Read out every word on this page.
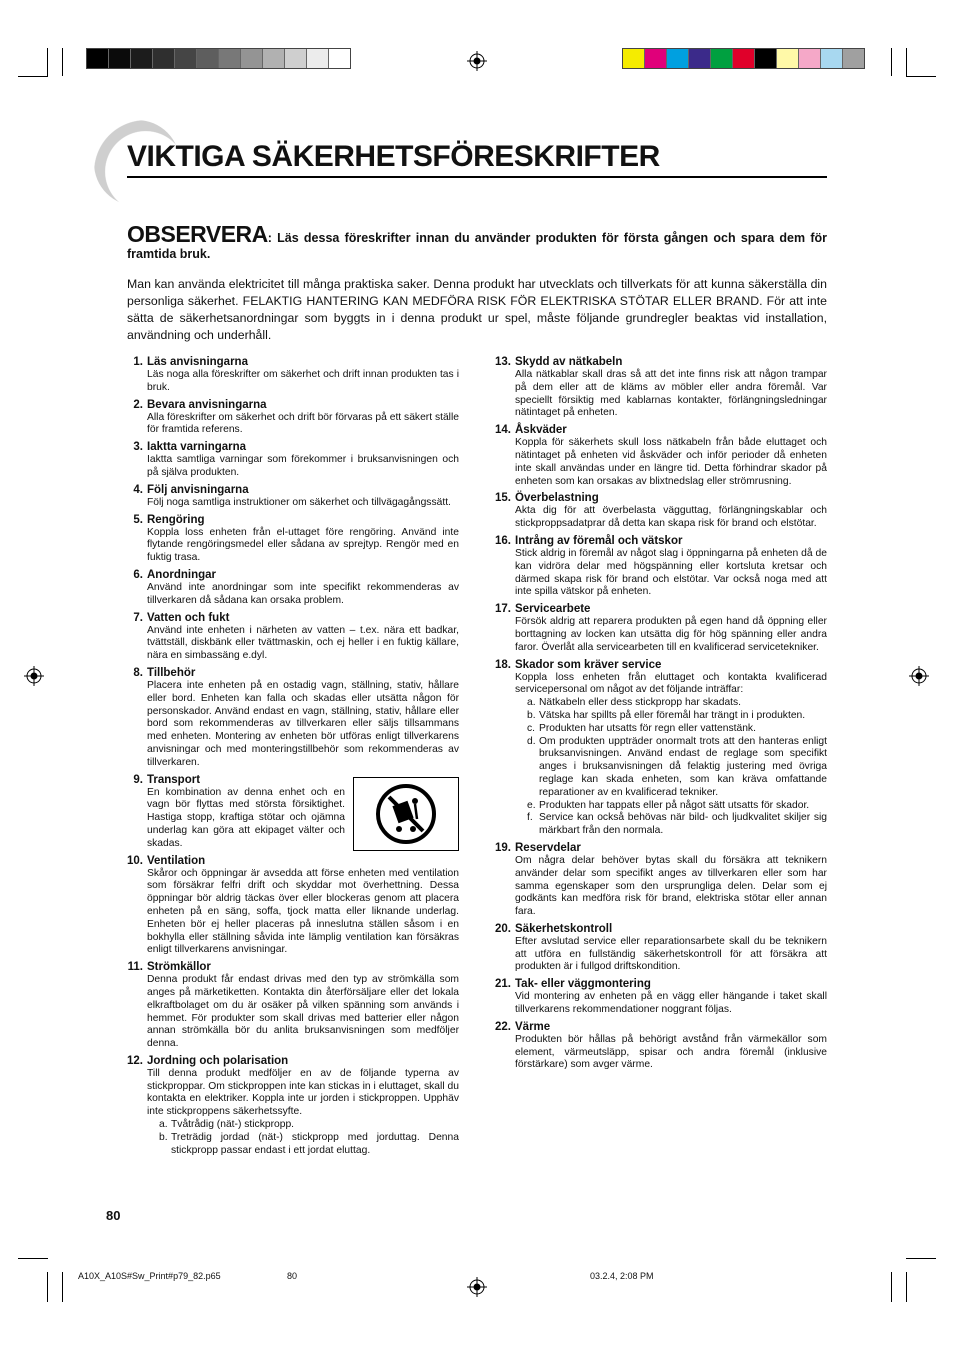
VIKTIGA SÄKERHETSFÖRESKRIFTER
OBSERVERA: Läs dessa föreskrifter innan du använder produkten för första gången och spara dem för framtida bruk.
Man kan använda elektricitet till många praktiska saker. Denna produkt har utvecklats och tillverkats för att kunna säkerställa din personliga säkerhet. FELAKTIG HANTERING KAN MEDFÖRA RISK FÖR ELEKTRISKA STÖTAR ELLER BRAND. För att inte sätta de säkerhetsanordningar som byggts in i denna produkt ur spel, måste följande grundregler beaktas vid installation, användning och underhåll.
1. Läs anvisningarna
Läs noga alla föreskrifter om säkerhet och drift innan produkten tas i bruk.
2. Bevara anvisningarna
Alla föreskrifter om säkerhet och drift bör förvaras på ett säkert ställe för framtida referens.
3. Iaktta varningarna
Iaktta samtliga varningar som förekommer i bruksanvisningen och på själva produkten.
4. Följ anvisningarna
Följ noga samtliga instruktioner om säkerhet och tillvägagångssätt.
5. Rengöring
Koppla loss enheten från el-uttaget före rengöring. Använd inte flytande rengöringsmedel eller sådana av sprejtyp. Rengör med en fuktig trasa.
6. Anordningar
Använd inte anordningar som inte specifikt rekommenderas av tillverkaren då sådana kan orsaka problem.
7. Vatten och fukt
Använd inte enheten i närheten av vatten – t.ex. nära ett badkar, tvättställ, diskbänk eller tvättmaskin, och ej heller i en fuktig källare, nära en simbassäng e.dyl.
8. Tillbehör
Placera inte enheten på en ostadig vagn, ställning, stativ, hållare eller bord. Enheten kan falla och skadas eller utsätta någon för personskador. Använd endast en vagn, ställning, stativ, hållare eller bord som rekommenderas av tillverkaren eller säljs tillsammans med enheten. Montering av enheten bör utföras enligt tillverkarens anvisningar och med monteringstillbehör som rekommenderas av tillverkaren.
9. Transport
En kombination av denna enhet och en vagn bör flyttas med största försiktighet. Hastiga stopp, kraftiga stötar och ojämna underlag kan göra att ekipaget välter och skadas.
10. Ventilation
Skåror och öppningar är avsedda att förse enheten med ventilation som försäkrar felfri drift och skyddar mot överhettning. Dessa öppningar bör aldrig täckas över eller blockeras genom att placera enheten på en säng, soffa, tjock matta eller liknande underlag. Enheten bör ej heller placeras på inneslutna ställen såsom i en bokhylla eller ställning såvida inte lämplig ventilation kan försäkras enligt tillverkarens anvisningar.
11. Strömkällor
Denna produkt får endast drivas med den typ av strömkälla som anges på märketiketten. Kontakta din återförsäljare eller det lokala elkraftbolaget om du är osäker på vilken spänning som används i hemmet. För produkter som skall drivas med batterier eller någon annan strömkälla bör du anlita bruksanvisningen som medföljer denna.
12. Jordning och polarisation
Till denna produkt medföljer en av de följande typerna av stickproppar. Om stickproppen inte kan stickas in i eluttaget, skall du kontakta en elektriker. Koppla inte ur jorden i stickproppen. Upphäv inte stickproppens säkerhetssyfte.
a. Tvåtrådig (nät-) stickpropp.
b. Treträdig jordad (nät-) stickpropp med jorduttag. Denna stickpropp passar endast i ett jordat eluttag.
13. Skydd av nätkabeln
Alla nätkablar skall dras så att det inte finns risk att någon trampar på dem eller att de kläms av möbler eller andra föremål. Var speciellt försiktig med kablarnas kontakter, förlängningsledningar nätintaget på enheten.
14. Åskväder
Koppla för säkerhets skull loss nätkabeln från både eluttaget och nätintaget på enheten vid åskväder och inför perioder då enheten inte skall användas under en längre tid. Detta förhindrar skador på enheten som kan orsakas av blixtnedslag eller strömrusning.
15. Överbelastning
Akta dig för att överbelasta vägguttag, förlängningskablar och stickproppsadatprar då detta kan skapa risk för brand och elstötar.
16. Intrång av föremål och vätskor
Stick aldrig in föremål av något slag i öppningarna på enheten då de kan vidröra delar med högspänning eller kortsluta kretsar och därmed skapa risk för brand och elstötar. Var också noga med att inte spilla vätskor på enheten.
17. Servicearbete
Försök aldrig att reparera produkten på egen hand då öppning eller borttagning av locken kan utsätta dig för hög spänning eller andra faror. Överlåt alla servicearbeten till en kvalificerad servicetekniker.
18. Skador som kräver service
Koppla loss enheten från eluttaget och kontakta kvalificerad servicepersonal om något av det följande inträffar:
a. Nätkabeln eller dess stickpropp har skadats.
b. Vätska har spillts på eller föremål har trängt in i produkten.
c. Produkten har utsatts för regn eller vattenstänk.
d. Om produkten uppträder onormalt trots att den hanteras enligt bruksanvisningen. Använd endast de reglage som specifikt anges i bruksanvisningen då felaktig justering med övriga reglage kan skada enheten, som kan kräva omfattande reparationer av en kvalificerad tekniker.
e. Produkten har tappats eller på något sätt utsatts för skador.
f. Service kan också behövas när bild- och ljudkvalitet skiljer sig märkbart från den normala.
19. Reservdelar
Om några delar behöver bytas skall du försäkra att teknikern använder delar som specifikt anges av tillverkaren eller som har samma egenskaper som den ursprungliga delen. Delar som ej godkänts kan medföra risk för brand, elektriska stötar eller annan fara.
20. Säkerhetskontroll
Efter avslutad service eller reparationsarbete skall du be teknikern att utföra en fullständig säkerhetskontroll för att försäkra att produkten är i fullgod driftskondition.
21. Tak- eller väggmontering
Vid montering av enheten på en vägg eller hängande i taket skall tillverkarens rekommendationer noggrant följas.
22. Värme
Produkten bör hållas på behörigt avstånd från värmekällor som element, värmeutsläpp, spisar och andra föremål (inklusive förstärkare) som avger värme.
80
A10X_A10S#Sw_Print#p79_82.p65	80	03.2.4, 2:08 PM
